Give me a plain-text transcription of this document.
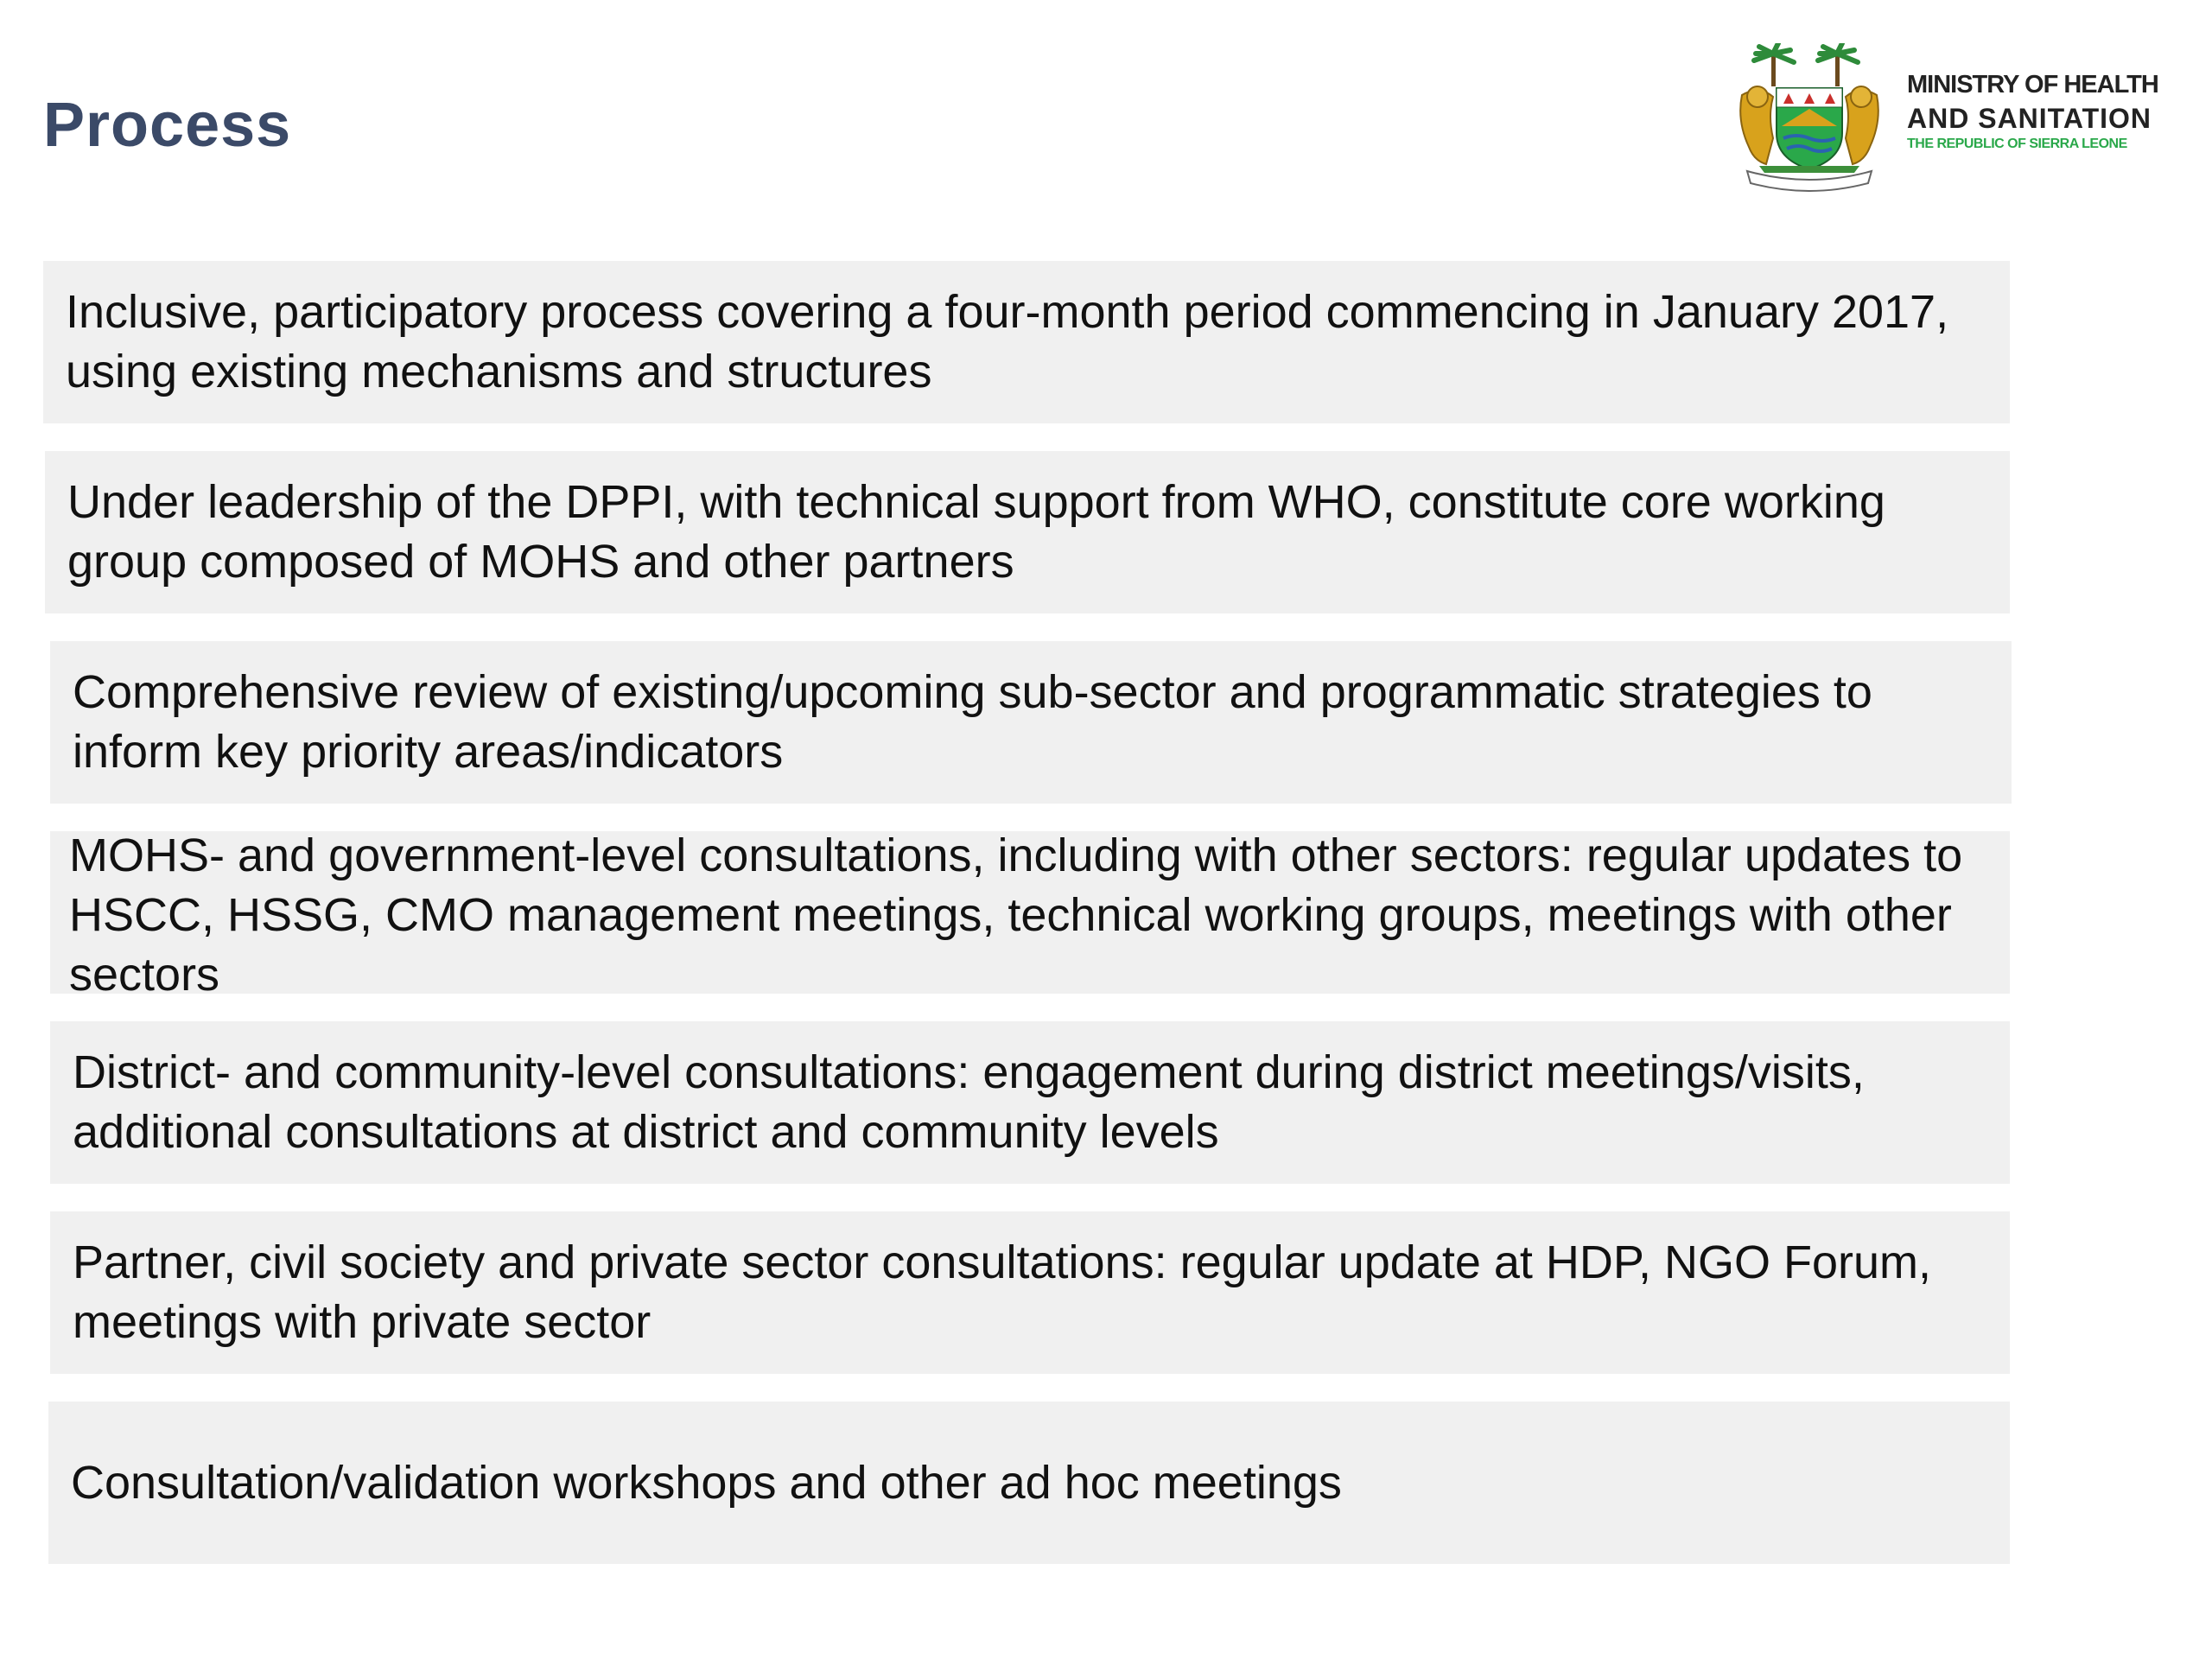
Process
MINISTRY OF HEALTH
AND SANITATION
THE REPUBLIC OF SIERRA LEONE
Inclusive, participatory process covering a four-month period commencing in January 2017, using existing mechanisms and structures
Under leadership of the DPPI, with technical support from WHO, constitute core working group composed of MOHS and other partners
Comprehensive review of existing/upcoming sub-sector and programmatic strategies to inform key priority areas/indicators
MOHS- and government-level consultations, including with other sectors: regular updates to HSCC, HSSG, CMO management meetings, technical working groups, meetings with other sectors
District- and community-level consultations: engagement during district meetings/visits, additional consultations at district and community levels
Partner, civil society and private sector consultations: regular update at HDP, NGO Forum, meetings with private sector
Consultation/validation workshops and other ad hoc meetings
